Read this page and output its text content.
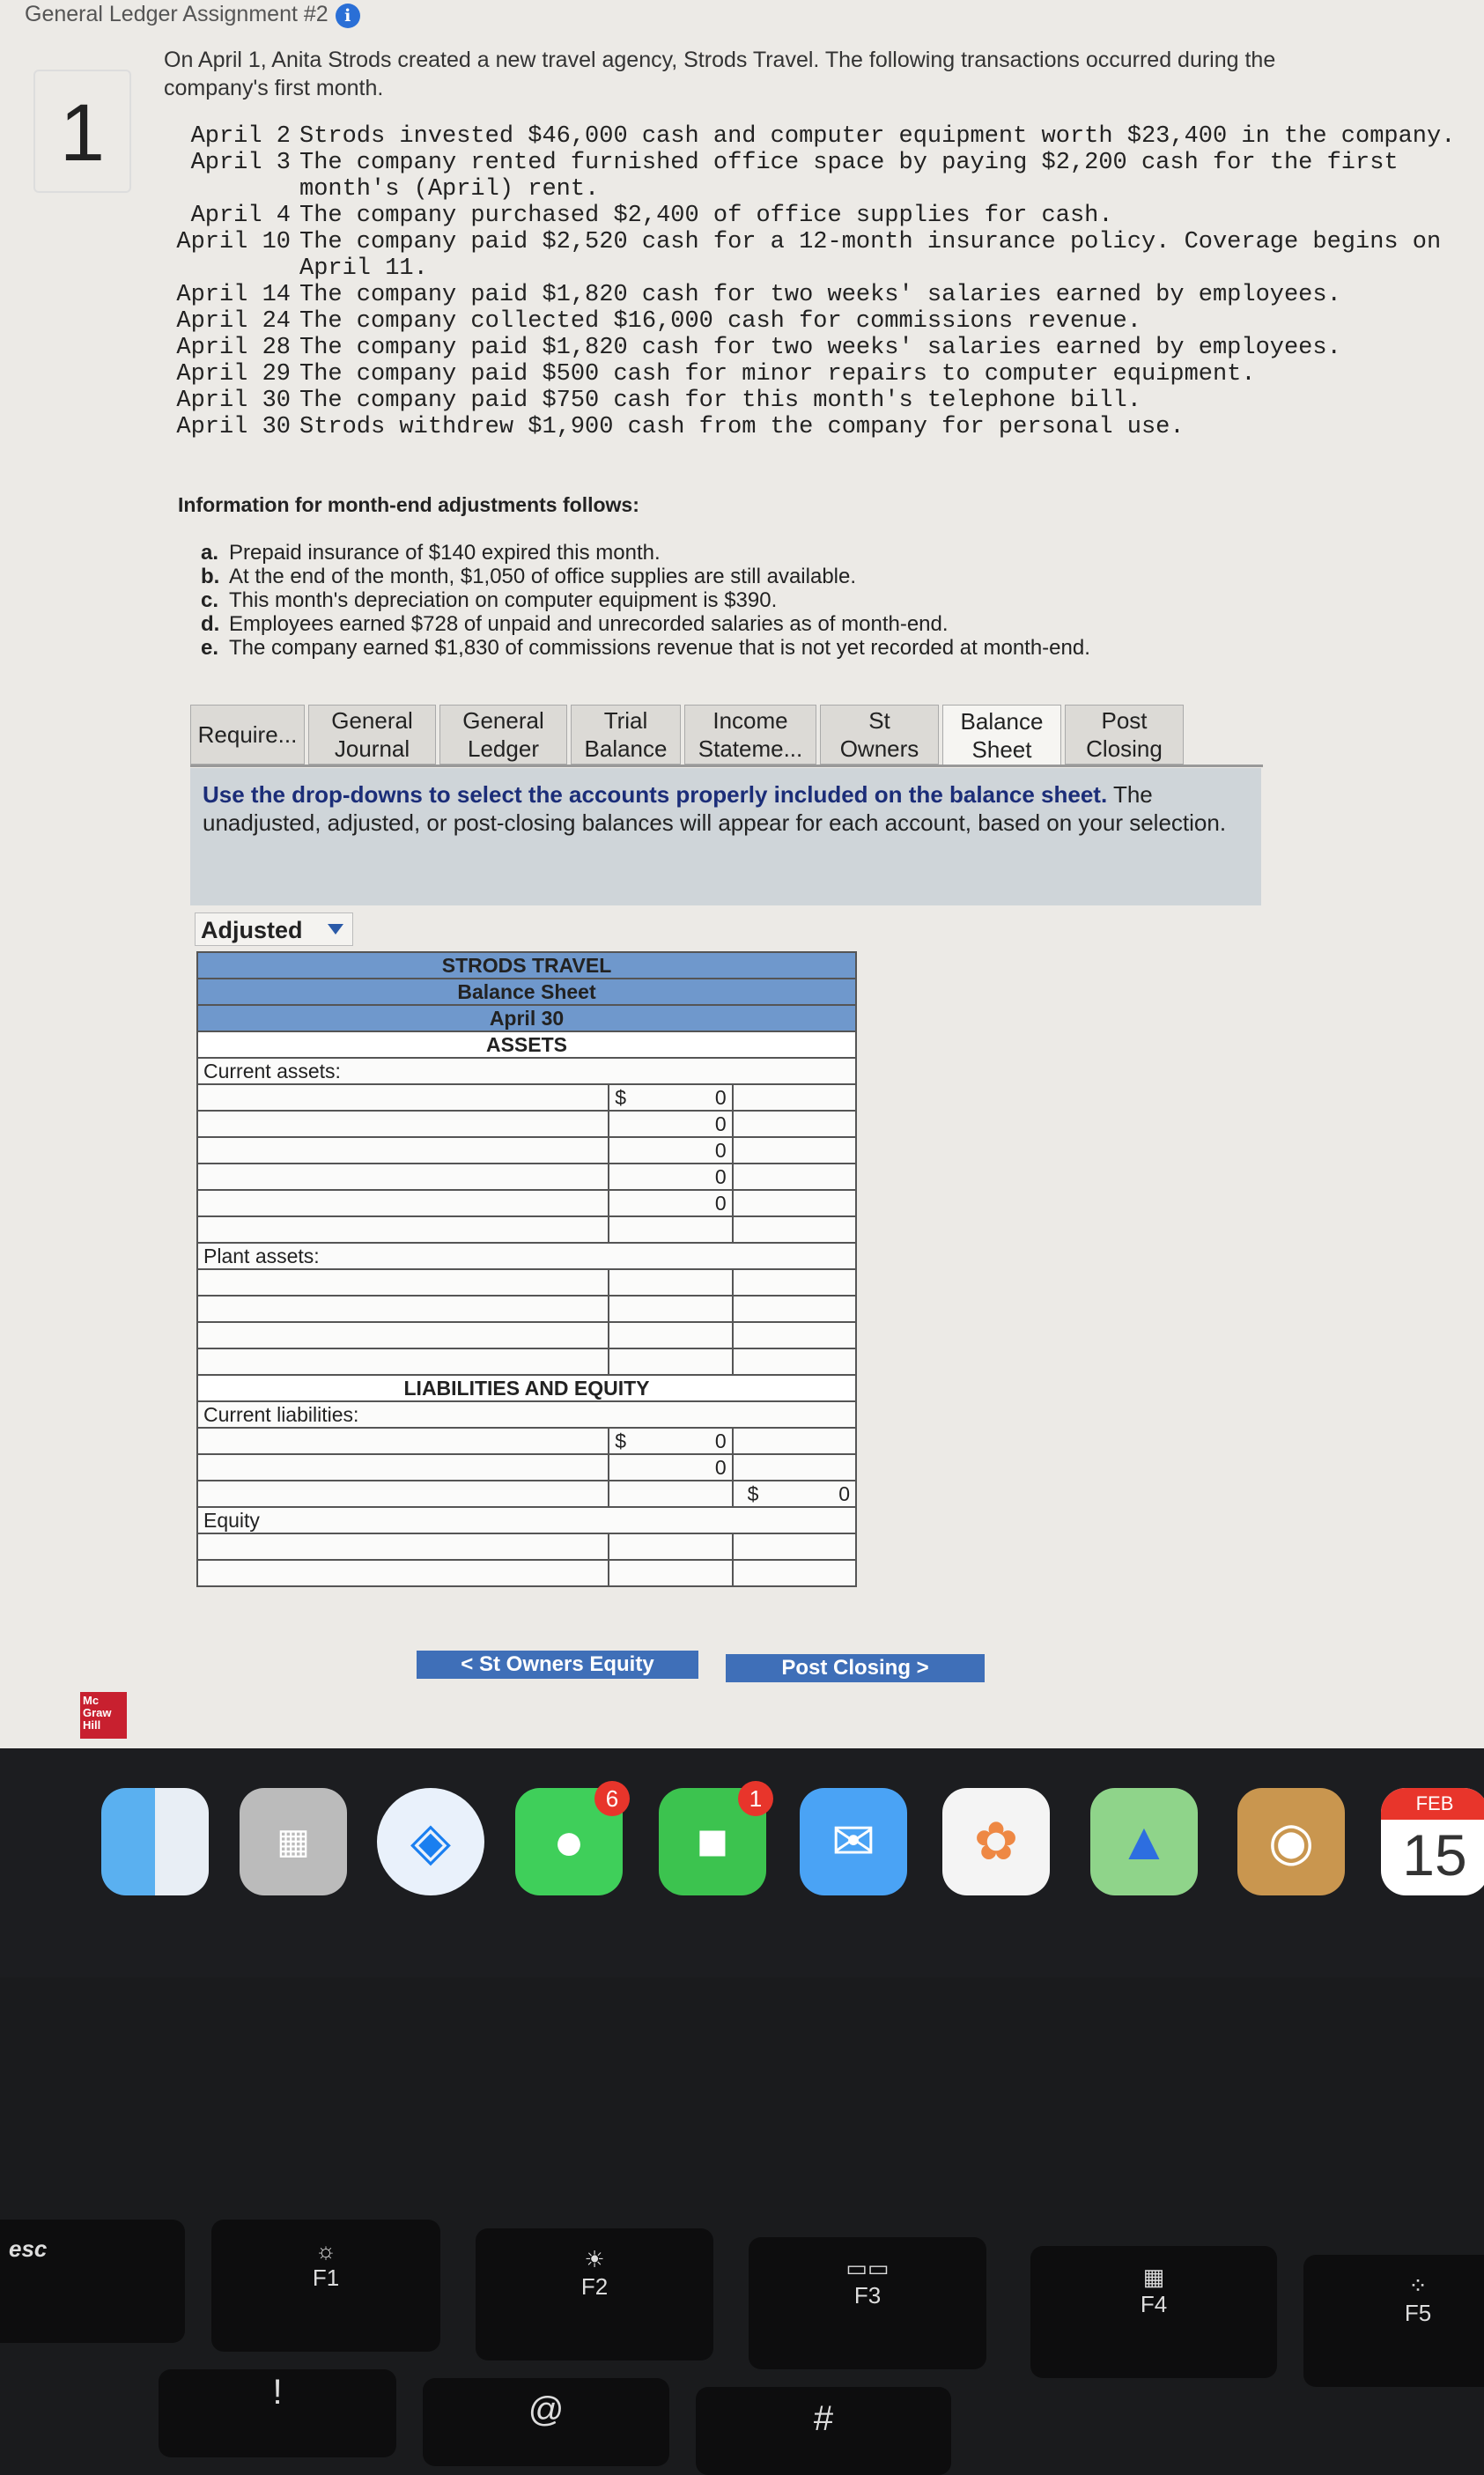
General Ledger Assignment #2 i
1
On April 1, Anita Strods created a new travel agency, Strods Travel. The following transactions occurred during the company's first month.
April 2 Strods invested $46,000 cash and computer equipment worth $23,400 in the company.
April 3 The company rented furnished office space by paying $2,200 cash for the first month's (April) rent.
April 4 The company purchased $2,400 of office supplies for cash.
April 10 The company paid $2,520 cash for a 12-month insurance policy. Coverage begins on April 11.
April 14 The company paid $1,820 cash for two weeks' salaries earned by employees.
April 24 The company collected $16,000 cash for commissions revenue.
April 28 The company paid $1,820 cash for two weeks' salaries earned by employees.
April 29 The company paid $500 cash for minor repairs to computer equipment.
April 30 The company paid $750 cash for this month's telephone bill.
April 30 Strods withdrew $1,900 cash from the company for personal use.
Information for month-end adjustments follows:
a. Prepaid insurance of $140 expired this month.
b. At the end of the month, $1,050 of office supplies are still available.
c. This month's depreciation on computer equipment is $390.
d. Employees earned $728 of unpaid and unrecorded salaries as of month-end.
e. The company earned $1,830 of commissions revenue that is not yet recorded at month-end.
Require...

General
Journal
General
Ledger
Trial
Balance
Income
Stateme...
St
Owners
Balance
Sheet
Post
Closing
Use the drop-downs to select the accounts properly included on the balance sheet. The unadjusted, adjusted, or post-closing balances will appear for each account, based on your selection.
Adjusted
STRODS TRAVEL		
Balance Sheet		
April 30		
ASSETS		
Current assets:		

	$ 0	
	0	
	0	
	0	
	0	

Plant assets:		

LIABILITIES AND EQUITY		
Current liabilities:		

	$ 0	
	0	

		$ 0
Equity		

< St Owners Equity	Post Closing >
Mc
Graw
Hill
▦	◈	●
6
■
1
✉	✿	▲	◉
FEB
15
esc	☼
F1
☀
F2
▭▭
F3
▦
F4
⁘
F5
!	@	#
